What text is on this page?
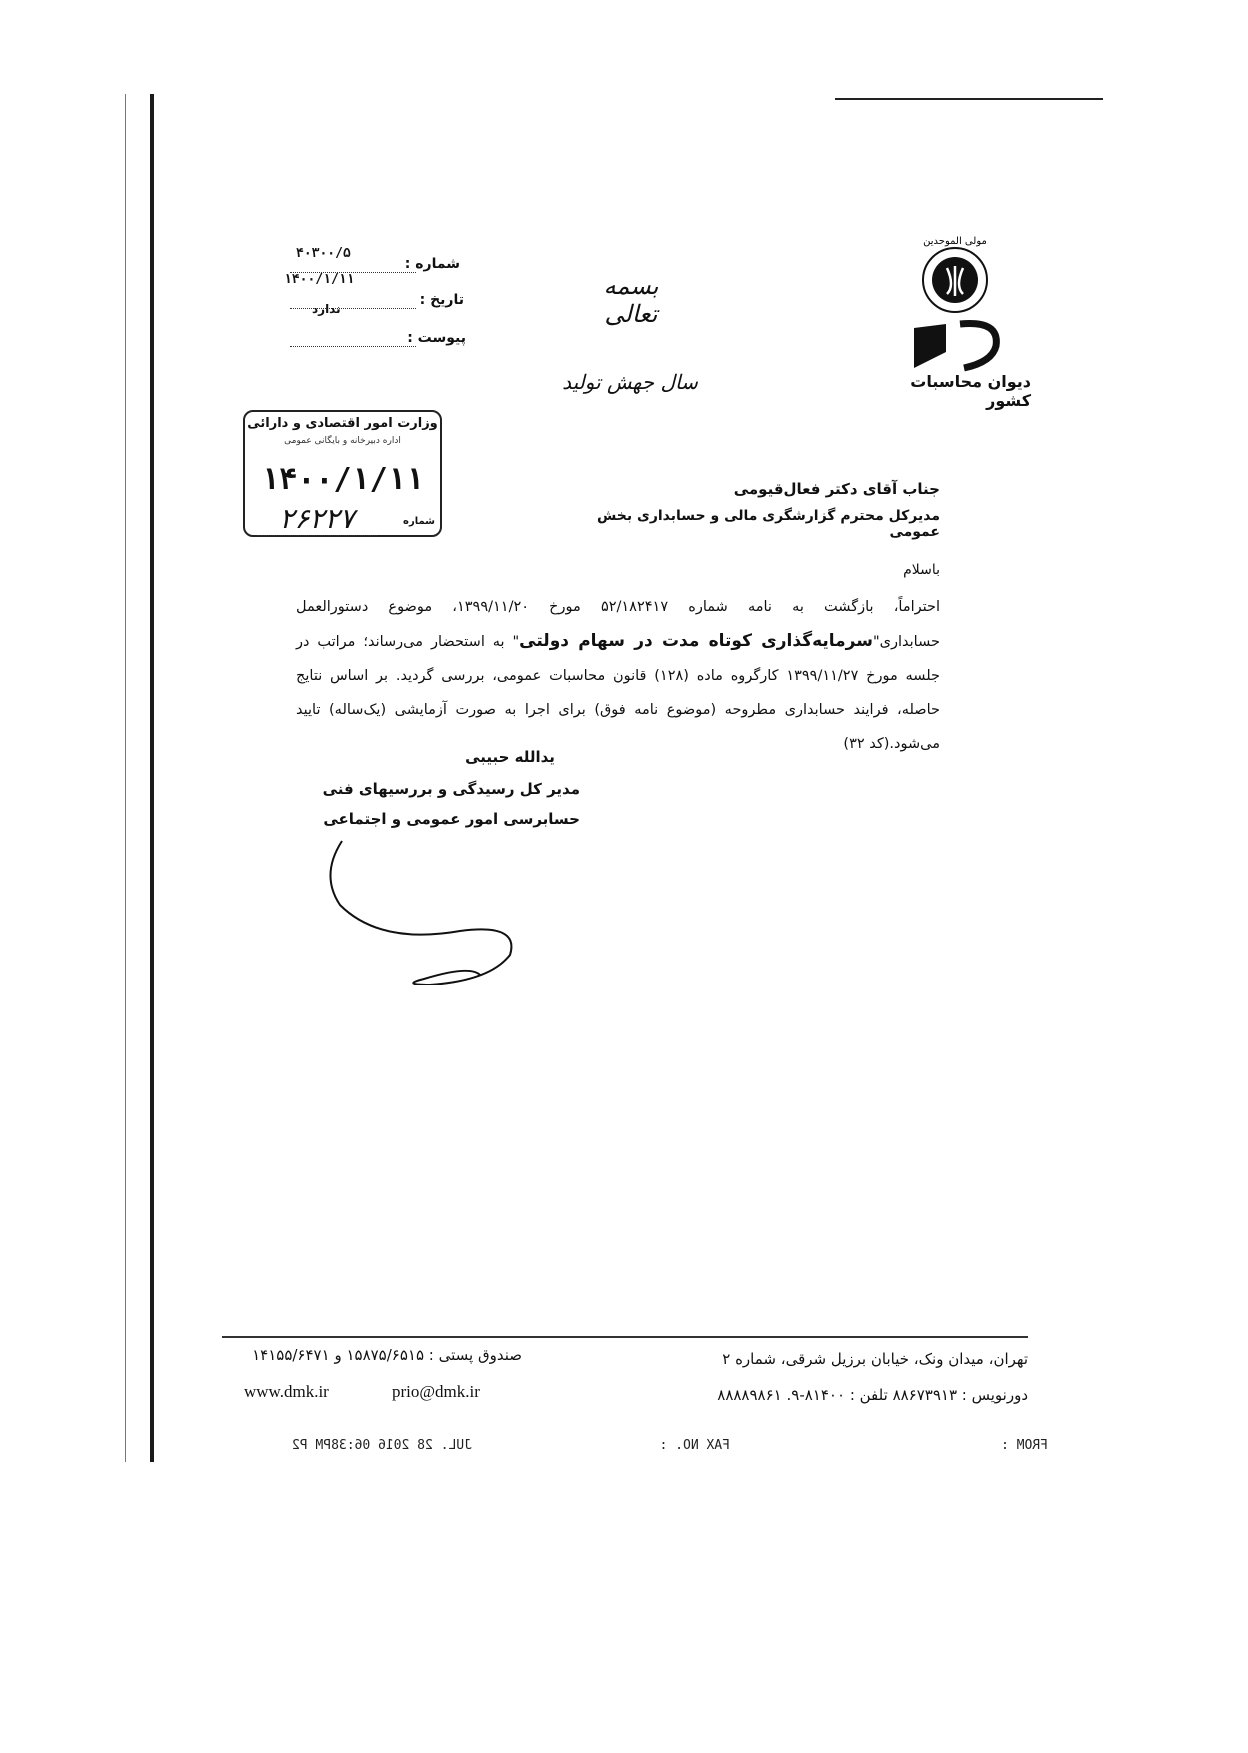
مولى الموحدين
دیوان محاسبات کشور
بسمه تعالی
سال جهش تولید
شماره :
۴۰۳۰۰/۵
تاریخ :
۱۴۰۰/۱/۱۱
پیوست :
ندارد
وزارت امور اقتصادی و دارائی
اداره دبیرخانه و بایگانی عمومی
۱۴۰۰/۱/۱۱
۲۶۲۲۷	شماره
جناب آقای دکتر فعال‌قیومی
مدیرکل محترم گزارشگری مالی و حسابداری بخش عمومی
باسلام
احتراماً، بازگشت به نامه شماره ۵۲/۱۸۲۴۱۷ مورخ ۱۳۹۹/۱۱/۲۰، موضوع دستورالعمل حسابداری"سرمایه‌گذاری کوتاه مدت در سهام دولتی" به استحضار می‌رساند؛ مراتب در جلسه مورخ ۱۳۹۹/۱۱/۲۷ کارگروه ماده (۱۲۸) قانون محاسبات عمومی، بررسی گردید. بر اساس نتایج حاصله، فرایند حسابداری مطروحه (موضوع نامه فوق) برای اجرا به صورت آزمایشی (یک‌ساله) تایید می‌شود.(کد ۳۲)
یدالله حبیبی
مدیر کل رسیدگی و بررسیهای فنی
حسابرسی امور عمومی و اجتماعی
تهران، میدان ونک، خیابان برزیل شرقی، شماره ۲
دورنویس : ۸۸۶۷۳۹۱۳ تلفن : ۸۱۴۰۰-۹. ۸۸۸۸۹۸۶۱
صندوق پستی : ۱۵۸۷۵/۶۵۱۵ و ۱۴۱۵۵/۶۴۷۱
www.dmk.ir	prio@dmk.ir
JUL. 28 2016 06:38PM P2	FAX NO. :	FROM :
